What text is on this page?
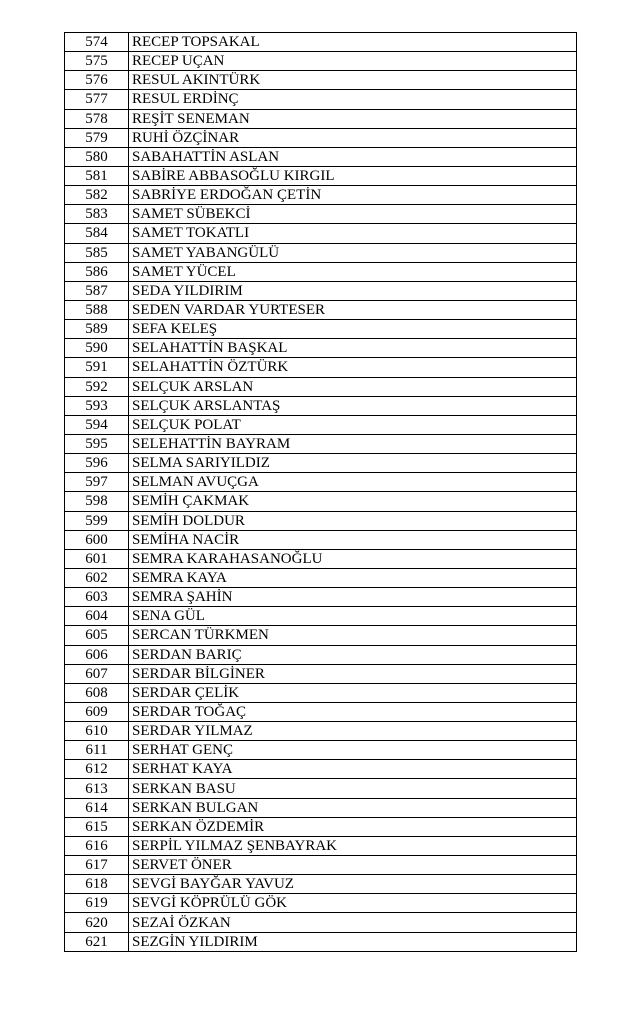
574	RECEP TOPSAKAL
575	RECEP UÇAN
576	RESUL AKINTÜRK
577	RESUL ERDİNÇ
578	REŞİT SENEMAN
579	RUHİ ÖZÇİNAR
580	SABAHATTİN ASLAN
581	SABİRE ABBASOĞLU KIRGIL
582	SABRİYE ERDOĞAN ÇETİN
583	SAMET SÜBEKCİ
584	SAMET TOKATLI
585	SAMET YABANGÜLÜ
586	SAMET YÜCEL
587	SEDA YILDIRIM
588	SEDEN VARDAR YURTESER
589	SEFA KELEŞ
590	SELAHATTİN BAŞKAL
591	SELAHATTİN ÖZTÜRK
592	SELÇUK ARSLAN
593	SELÇUK ARSLANTAŞ
594	SELÇUK POLAT
595	SELEHATTİN BAYRAM
596	SELMA SARIYILDIZ
597	SELMAN AVUÇGA
598	SEMİH ÇAKMAK
599	SEMİH DOLDUR
600	SEMİHA NACİR
601	SEMRA KARAHASANOĞLU
602	SEMRA KAYA
603	SEMRA ŞAHİN
604	SENA GÜL
605	SERCAN TÜRKMEN
606	SERDAN BARIÇ
607	SERDAR BİLGİNER
608	SERDAR ÇELİK
609	SERDAR TOĞAÇ
610	SERDAR YILMAZ
611	SERHAT GENÇ
612	SERHAT KAYA
613	SERKAN BASU
614	SERKAN BULGAN
615	SERKAN ÖZDEMİR
616	SERPİL YILMAZ ŞENBAYRAK
617	SERVET ÖNER
618	SEVGİ BAYĞAR YAVUZ
619	SEVGİ KÖPRÜLÜ GÖK
620	SEZAİ ÖZKAN
621	SEZGİN YILDIRIM
